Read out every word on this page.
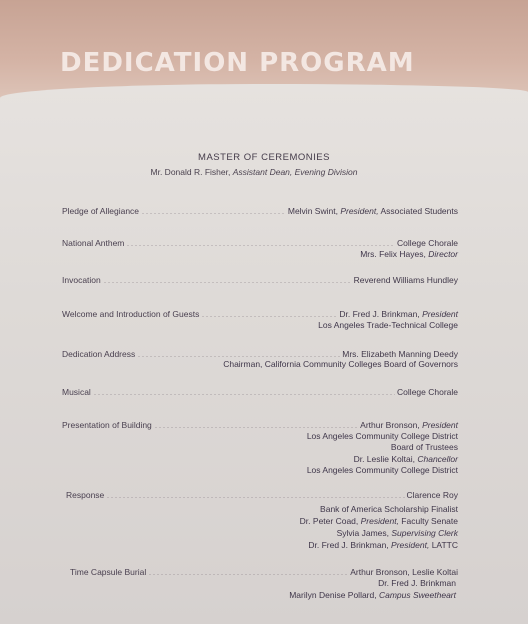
DEDICATION PROGRAM
MASTER OF CEREMONIES
Mr. Donald R. Fisher, Assistant Dean, Evening Division
Pledge of Allegiance	Melvin Swint, President, Associated Students
National Anthem	College Chorale
Mrs. Felix Hayes, Director
Invocation	Reverend Williams Hundley
Welcome and Introduction of Guests	Dr. Fred J. Brinkman, President
Los Angeles Trade-Technical College
Dedication Address	Mrs. Elizabeth Manning Deedy
Chairman, California Community Colleges Board of Governors
Musical	College Chorale
Presentation of Building	Arthur Bronson, President
Los Angeles Community College District
Board of Trustees
Dr. Leslie Koltai, Chancellor
Los Angeles Community College District
Response	Clarence Roy
Bank of America Scholarship Finalist
Dr. Peter Coad, President, Faculty Senate
Sylvia James, Supervising Clerk
Dr. Fred J. Brinkman, President, LATTC
Time Capsule Burial	Arthur Bronson, Leslie Koltai
Dr. Fred J. Brinkman
Marilyn Denise Pollard, Campus Sweetheart
